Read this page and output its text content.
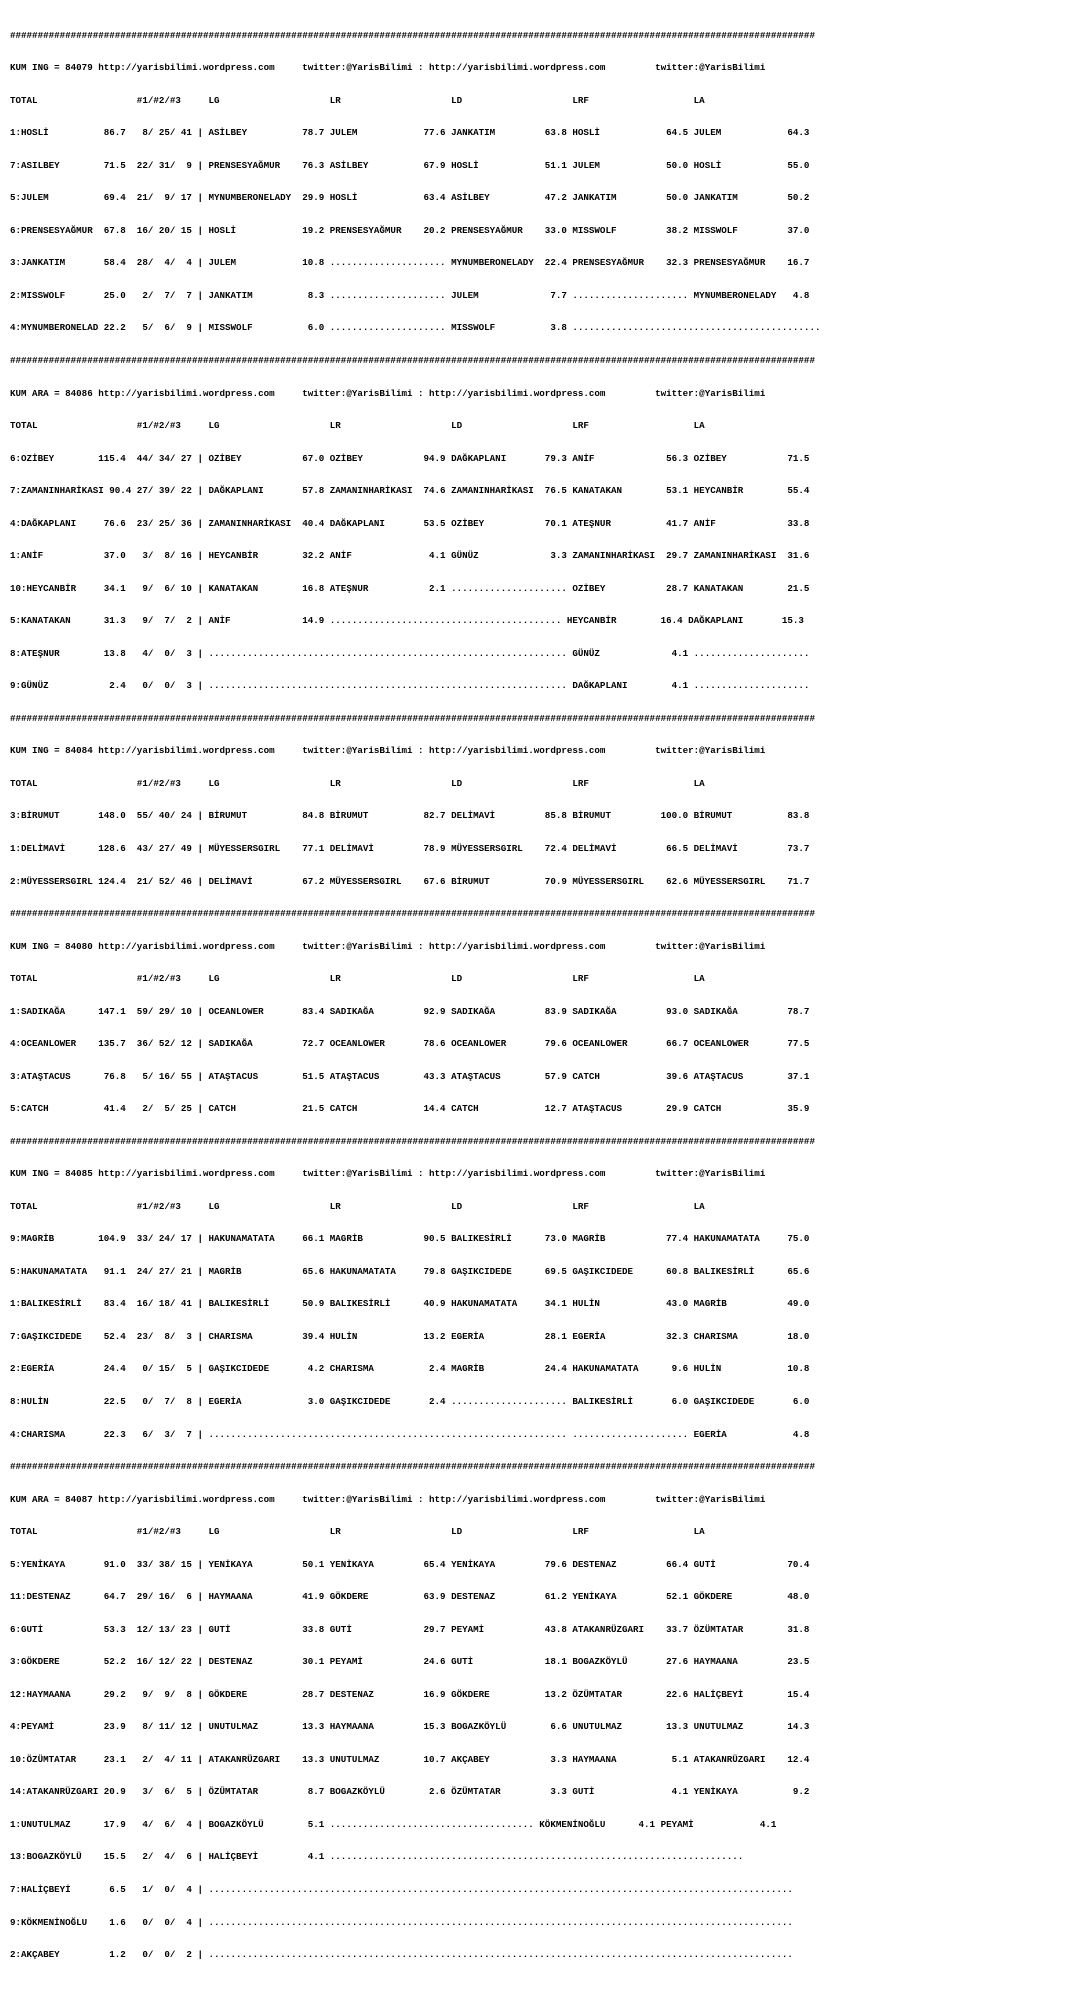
##################################################################################################################################################

KUM ING = 84079 http://yarisbilimi.wordpress.com     twitter:@YarisBilimi : http://yarisbilimi.wordpress.com         twitter:@YarisBilimi

TOTAL                  #1/#2/#3     LG                    LR                    LD                    LRF                   LA

1:HOSLİ          86.7   8/ 25/ 41 | ASİLBEY          78.7 JULEM            77.6 JANKATIM         63.8 HOSLİ            64.5 JULEM            64.3

7:ASILBEY        71.5  22/ 31/  9 | PRENSESYAĞMUR    76.3 ASİLBEY          67.9 HOSLİ            51.1 JULEM            50.0 HOSLİ            55.0

5:JULEM          69.4  21/  9/ 17 | MYNUMBERONELADY  29.9 HOSLİ            63.4 ASİLBEY          47.2 JANKATIM         50.0 JANKATIM         50.2

6:PRENSESYAĞMUR  67.8  16/ 20/ 15 | HOSLİ            19.2 PRENSESYAĞMUR    20.2 PRENSESYAĞMUR    33.0 MISSWOLF         38.2 MISSWOLF         37.0

3:JANKATIM       58.4  28/  4/  4 | JULEM            10.8 ..................... MYNUMBERONELADY  22.4 PRENSESYAĞMUR    32.3 PRENSESYAĞMUR    16.7

2:MISSWOLF       25.0   2/  7/  7 | JANKATIM          8.3 ..................... JULEM             7.7 ..................... MYNUMBERONELADY   4.8

4:MYNUMBERONELAD 22.2   5/  6/  9 | MISSWOLF          6.0 ..................... MISSWOLF          3.8 .............................................

##################################################################################################################################################

KUM ARA = 84086 http://yarisbilimi.wordpress.com     twitter:@YarisBilimi : http://yarisbilimi.wordpress.com         twitter:@YarisBilimi

TOTAL                  #1/#2/#3     LG                    LR                    LD                    LRF                   LA

6:OZİBEY        115.4  44/ 34/ 27 | OZİBEY           67.0 OZİBEY           94.9 DAĞKAPLANI       79.3 ANİF             56.3 OZİBEY           71.5

7:ZAMANINHARİKASI 90.4 27/ 39/ 22 | DAĞKAPLANI       57.8 ZAMANINHARİKASI  74.6 ZAMANINHARİKASI  76.5 KANATAKAN        53.1 HEYCANBİR        55.4

4:DAĞKAPLANI     76.6  23/ 25/ 36 | ZAMANINHARİKASI  40.4 DAĞKAPLANI       53.5 OZİBEY           70.1 ATEŞNUR          41.7 ANİF             33.8

1:ANİF           37.0   3/  8/ 16 | HEYCANBİR        32.2 ANİF              4.1 GÜNÜZ             3.3 ZAMANINHARİKASI  29.7 ZAMANINHARİKASI  31.6

10:HEYCANBİR     34.1   9/  6/ 10 | KANATAKAN        16.8 ATEŞNUR           2.1 ..................... OZİBEY           28.7 KANATAKAN        21.5

5:KANATAKAN      31.3   9/  7/  2 | ANİF             14.9 .......................................... HEYCANBİR        16.4 DAĞKAPLANI       15.3

8:ATEŞNUR        13.8   4/  0/  3 | ................................................................. GÜNÜZ             4.1 .....................

9:GÜNÜZ           2.4   0/  0/  3 | ................................................................. DAĞKAPLANI        4.1 .....................

##################################################################################################################################################

KUM ING = 84084 http://yarisbilimi.wordpress.com     twitter:@YarisBilimi : http://yarisbilimi.wordpress.com         twitter:@YarisBilimi

TOTAL                  #1/#2/#3     LG                    LR                    LD                    LRF                   LA

3:BİRUMUT       148.0  55/ 40/ 24 | BİRUMUT          84.8 BİRUMUT          82.7 DELİMAVİ         85.8 BİRUMUT         100.0 BİRUMUT          83.8

1:DELİMAVİ      128.6  43/ 27/ 49 | MÜYESSERSGIRL    77.1 DELİMAVİ         78.9 MÜYESSERSGIRL    72.4 DELİMAVİ         66.5 DELİMAVİ         73.7

2:MÜYESSERSGIRL 124.4  21/ 52/ 46 | DELİMAVİ         67.2 MÜYESSERSGIRL    67.6 BİRUMUT          70.9 MÜYESSERSGIRL    62.6 MÜYESSERSGIRL    71.7

##################################################################################################################################################

KUM ING = 84080 http://yarisbilimi.wordpress.com     twitter:@YarisBilimi : http://yarisbilimi.wordpress.com         twitter:@YarisBilimi

TOTAL                  #1/#2/#3     LG                    LR                    LD                    LRF                   LA

1:SADIKAĞA      147.1  59/ 29/ 10 | OCEANLOWER       83.4 SADIKAĞA         92.9 SADIKAĞA         83.9 SADIKAĞA         93.0 SADIKAĞA         78.7

4:OCEANLOWER    135.7  36/ 52/ 12 | SADIKAĞA         72.7 OCEANLOWER       78.6 OCEANLOWER       79.6 OCEANLOWER       66.7 OCEANLOWER       77.5

3:ATAŞTACUS      76.8   5/ 16/ 55 | ATAŞTACUS        51.5 ATAŞTACUS        43.3 ATAŞTACUS        57.9 CATCH            39.6 ATAŞTACUS        37.1

5:CATCH          41.4   2/  5/ 25 | CATCH            21.5 CATCH            14.4 CATCH            12.7 ATAŞTACUS        29.9 CATCH            35.9

##################################################################################################################################################

KUM ING = 84085 http://yarisbilimi.wordpress.com     twitter:@YarisBilimi : http://yarisbilimi.wordpress.com         twitter:@YarisBilimi

TOTAL                  #1/#2/#3     LG                    LR                    LD                    LRF                   LA

9:MAGRİB        104.9  33/ 24/ 17 | HAKUNAMATATA     66.1 MAGRİB           90.5 BALIKESİRLİ      73.0 MAGRİB           77.4 HAKUNAMATATA     75.0

5:HAKUNAMATATA   91.1  24/ 27/ 21 | MAGRİB           65.6 HAKUNAMATATA     79.8 GAŞIKCIDEDE      69.5 GAŞIKCIDEDE      60.8 BALIKESİRLİ      65.6

1:BALIKESİRLİ    83.4  16/ 18/ 41 | BALIKESİRLİ      50.9 BALIKESİRLİ      40.9 HAKUNAMATATA     34.1 HULİN            43.0 MAGRİB           49.0

7:GAŞIKCIDEDE    52.4  23/  8/  3 | CHARISMA         39.4 HULİN            13.2 EGERİA           28.1 EGERİA           32.3 CHARISMA         18.0

2:EGERİA         24.4   0/ 15/  5 | GAŞIKCIDEDE       4.2 CHARISMA          2.4 MAGRİB           24.4 HAKUNAMATATA      9.6 HULİN            10.8

8:HULİN          22.5   0/  7/  8 | EGERİA            3.0 GAŞIKCIDEDE       2.4 ..................... BALIKESİRLİ       6.0 GAŞIKCIDEDE       6.0

4:CHARISMA       22.3   6/  3/  7 | ................................................................. ..................... EGERİA            4.8

##################################################################################################################################################

KUM ARA = 84087 http://yarisbilimi.wordpress.com     twitter:@YarisBilimi : http://yarisbilimi.wordpress.com         twitter:@YarisBilimi

TOTAL                  #1/#2/#3     LG                    LR                    LD                    LRF                   LA

5:YENİKAYA       91.0  33/ 38/ 15 | YENİKAYA         50.1 YENİKAYA         65.4 YENİKAYA         79.6 DESTENAZ         66.4 GUTİ             70.4

11:DESTENAZ      64.7  29/ 16/  6 | HAYMAANA         41.9 GÖKDERE          63.9 DESTENAZ         61.2 YENİKAYA         52.1 GÖKDERE          48.0

6:GUTİ           53.3  12/ 13/ 23 | GUTİ             33.8 GUTİ             29.7 PEYAMİ           43.8 ATAKANRÜZGARI    33.7 ÖZÜMTATAR        31.8

3:GÖKDERE        52.2  16/ 12/ 22 | DESTENAZ         30.1 PEYAMİ           24.6 GUTİ             18.1 BOGAZKÖYLÜ       27.6 HAYMAANA         23.5

12:HAYMAANA      29.2   9/  9/  8 | GÖKDERE          28.7 DESTENAZ         16.9 GÖKDERE          13.2 ÖZÜMTATAR        22.6 HALİÇBEYİ        15.4

4:PEYAMİ         23.9   8/ 11/ 12 | UNUTULMAZ        13.3 HAYMAANA         15.3 BOGAZKÖYLÜ        6.6 UNUTULMAZ        13.3 UNUTULMAZ        14.3

10:ÖZÜMTATAR     23.1   2/  4/ 11 | ATAKANRÜZGARI    13.3 UNUTULMAZ        10.7 AKÇABEY           3.3 HAYMAANA          5.1 ATAKANRÜZGARI    12.4

14:ATAKANRÜZGARI 20.9   3/  6/  5 | ÖZÜMTATAR         8.7 BOGAZKÖYLÜ        2.6 ÖZÜMTATAR         3.3 GUTİ              4.1 YENİKAYA          9.2

1:UNUTULMAZ      17.9   4/  6/  4 | BOGAZKÖYLÜ        5.1 ..................................... KÖKMENİNOĞLU      4.1 PEYAMİ            4.1

13:BOGAZKÖYLÜ    15.5   2/  4/  6 | HALİÇBEYİ         4.1 ...........................................................................

7:HALİÇBEYİ       6.5   1/  0/  4 | ..........................................................................................................

9:KÖKMENİNOĞLU    1.6   0/  0/  4 | ..........................................................................................................

2:AKÇABEY         1.2   0/  0/  2 | ..........................................................................................................
